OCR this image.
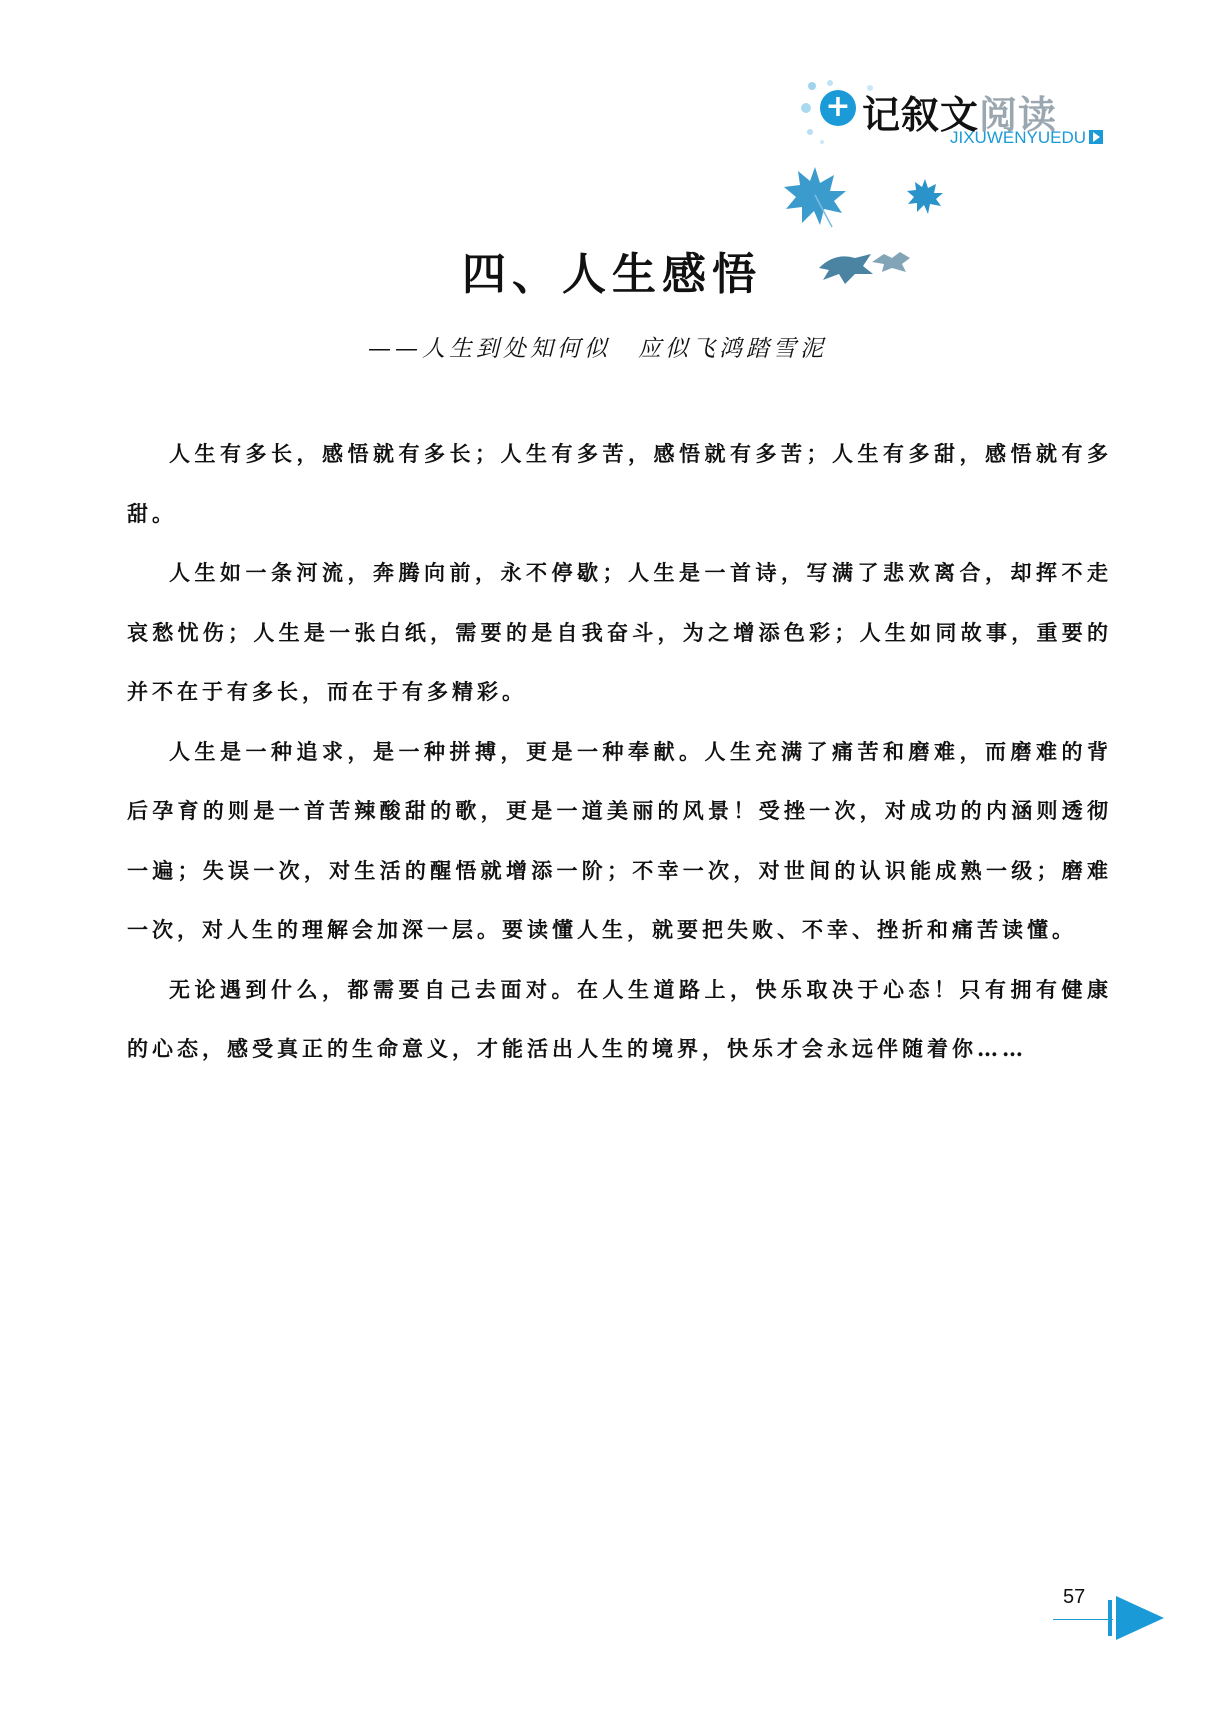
+ 记叙文阅读
JIXUWENYUEDU
四、人生感悟
——人生到处知何似　应似飞鸿踏雪泥

人生有多长，感悟就有多长；人生有多苦，感悟就有多苦；人生有多甜，感悟就有多甜。

人生如一条河流，奔腾向前，永不停歇；人生是一首诗，写满了悲欢离合，却挥不走哀愁忧伤；人生是一张白纸，需要的是自我奋斗，为之增添色彩；人生如同故事，重要的并不在于有多长，而在于有多精彩。

人生是一种追求，是一种拼搏，更是一种奉献。人生充满了痛苦和磨难，而磨难的背后孕育的则是一首苦辣酸甜的歌，更是一道美丽的风景！受挫一次，对成功的内涵则透彻一遍；失误一次，对生活的醒悟就增添一阶；不幸一次，对世间的认识能成熟一级；磨难一次，对人生的理解会加深一层。要读懂人生，就要把失败、不幸、挫折和痛苦读懂。

无论遇到什么，都需要自己去面对。在人生道路上，快乐取决于心态！只有拥有健康的心态，感受真正的生命意义，才能活出人生的境界，快乐才会永远伴随着你……

57
